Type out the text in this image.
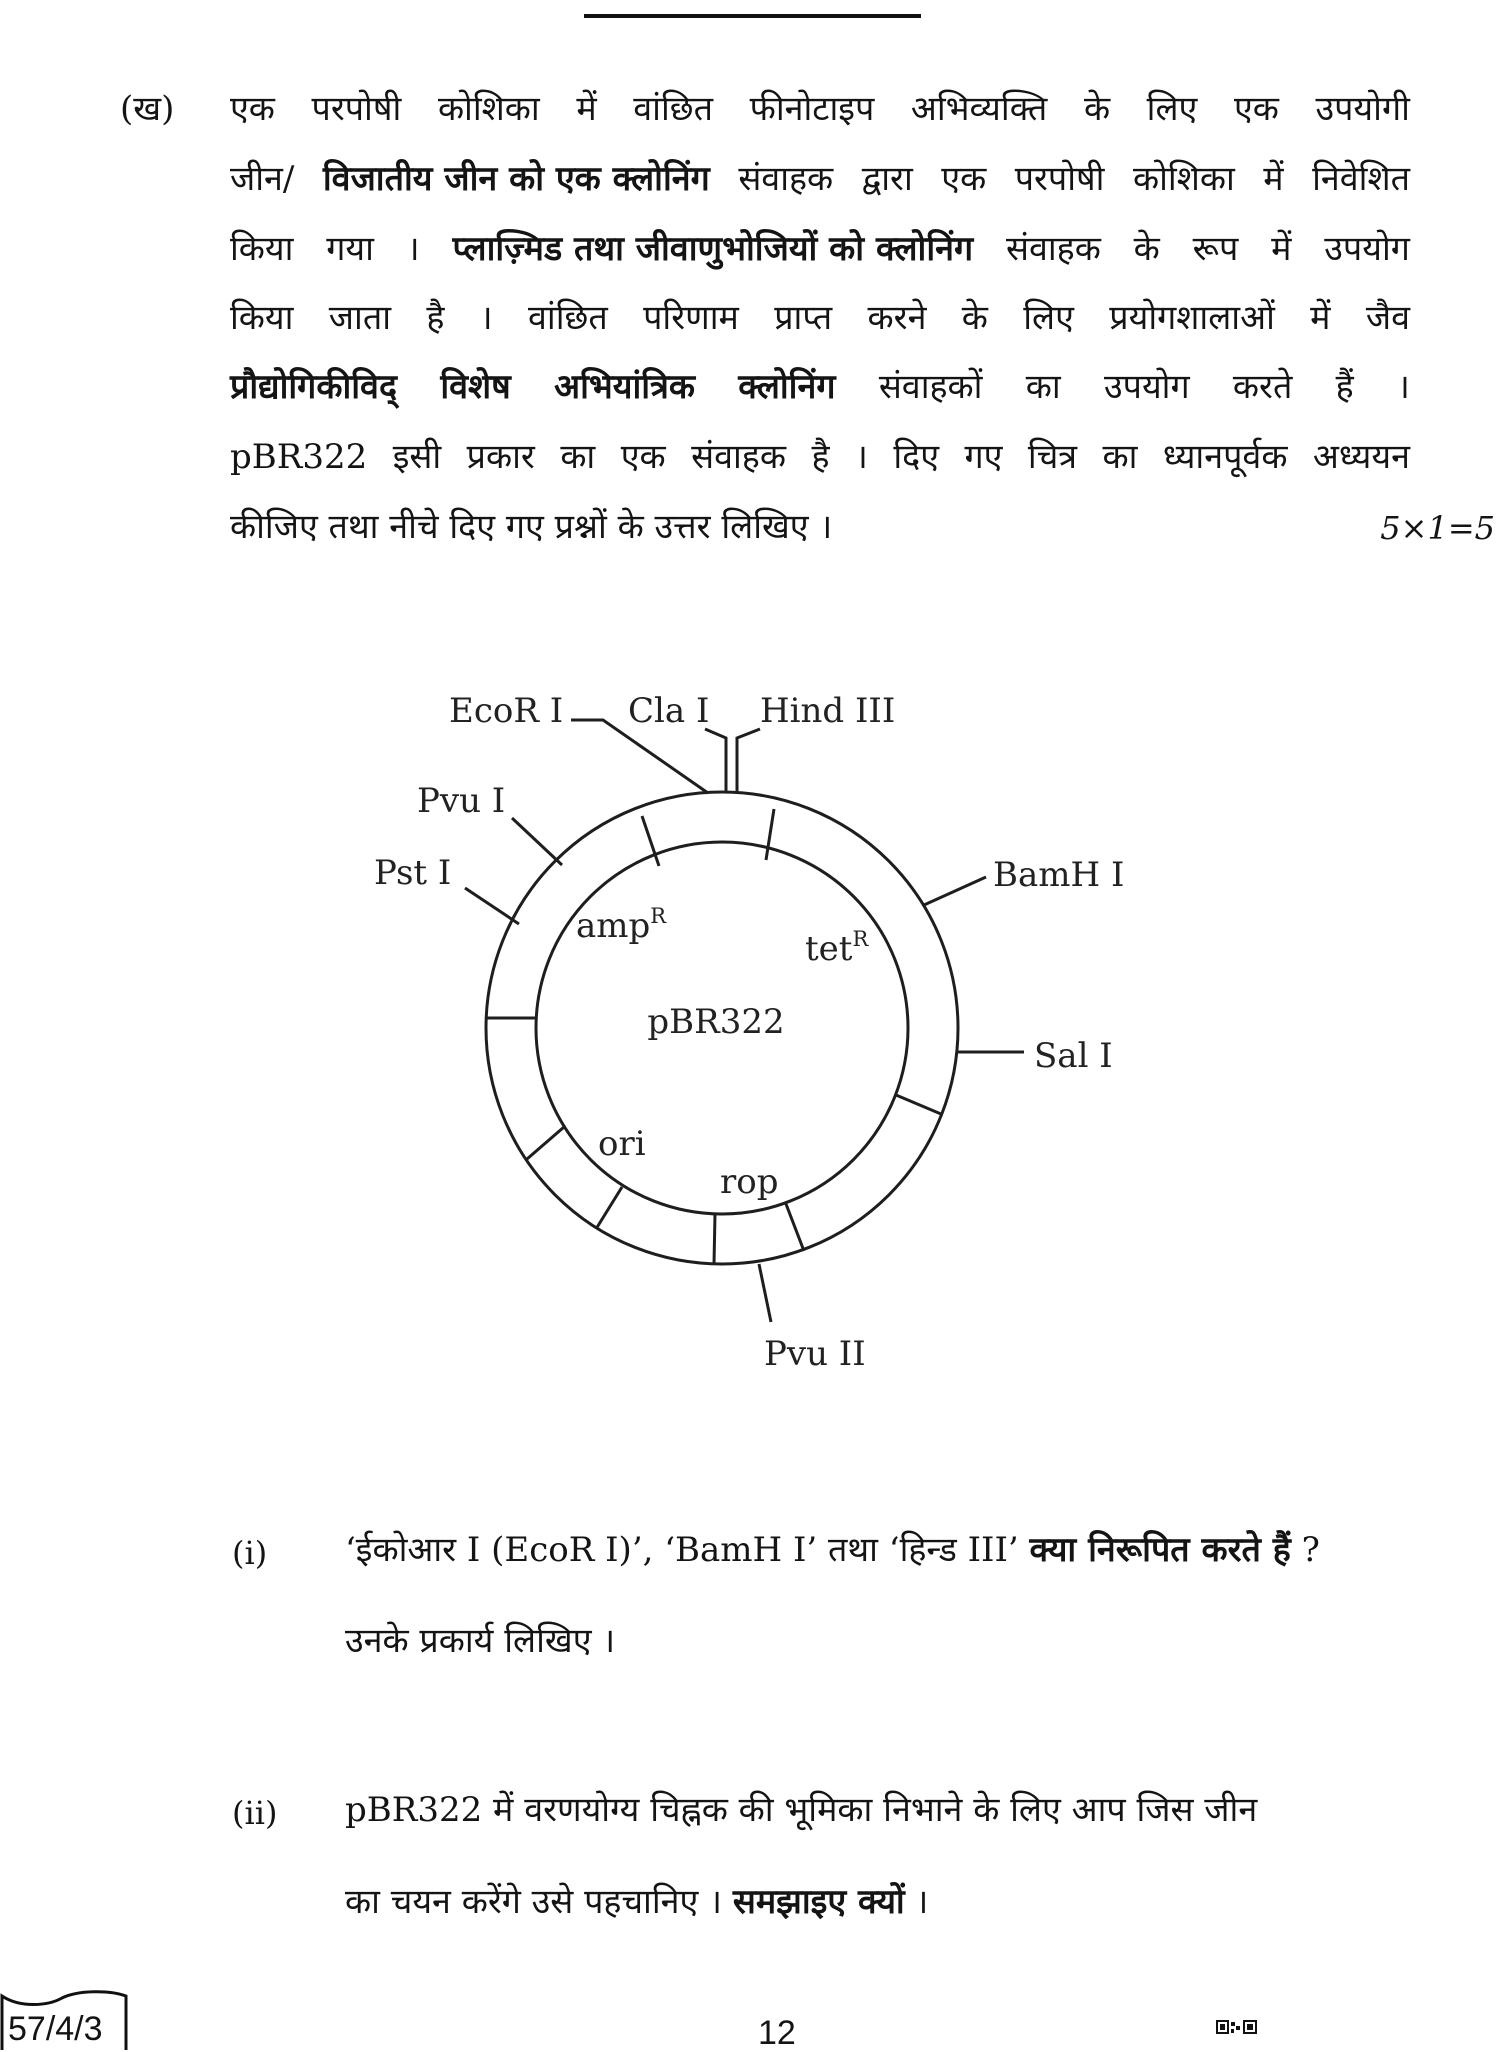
(ख) एक परपोषी कोशिका में वांछित फीनोटाइप अभिव्यक्ति के लिए एक उपयोगी
जीन/ विजातीय जीन को एक क्लोनिंग संवाहक द्वारा एक परपोषी कोशिका में निवेशित
किया गया । प्लाज़्मिड तथा जीवाणुभोजियों को क्लोनिंग संवाहक के रूप में उपयोग
किया जाता है । वांछित परिणाम प्राप्त करने के लिए प्रयोगशालाओं में जैव
प्रौद्योगिकीविद् विशेष अभियांत्रिक क्लोनिंग संवाहकों का उपयोग करते हैं ।
pBR322 इसी प्रकार का एक संवाहक है । दिए गए चित्र का ध्यानपूर्वक अध्ययन
कीजिए तथा नीचे दिए गए प्रश्नों के उत्तर लिखिए ।	5×1=5
EcoR I Cla I Hind III
Pvu I
Pst I	BamH I
Sal I
Pvu II
amp$^R$
tet$^R$
pBR322
ori
rop
(i) ‘ईकोआर I (EcoR I)’, ‘BamH I’ तथा ‘हिन्ड III’ क्या निरूपित करते हैं ?
उनके प्रकार्य लिखिए ।
(ii) pBR322 में वरणयोग्य चिह्नक की भूमिका निभाने के लिए आप जिस जीन
का चयन करेंगे उसे पहचानिए । समझाइए क्यों ।
57/4/3	12
